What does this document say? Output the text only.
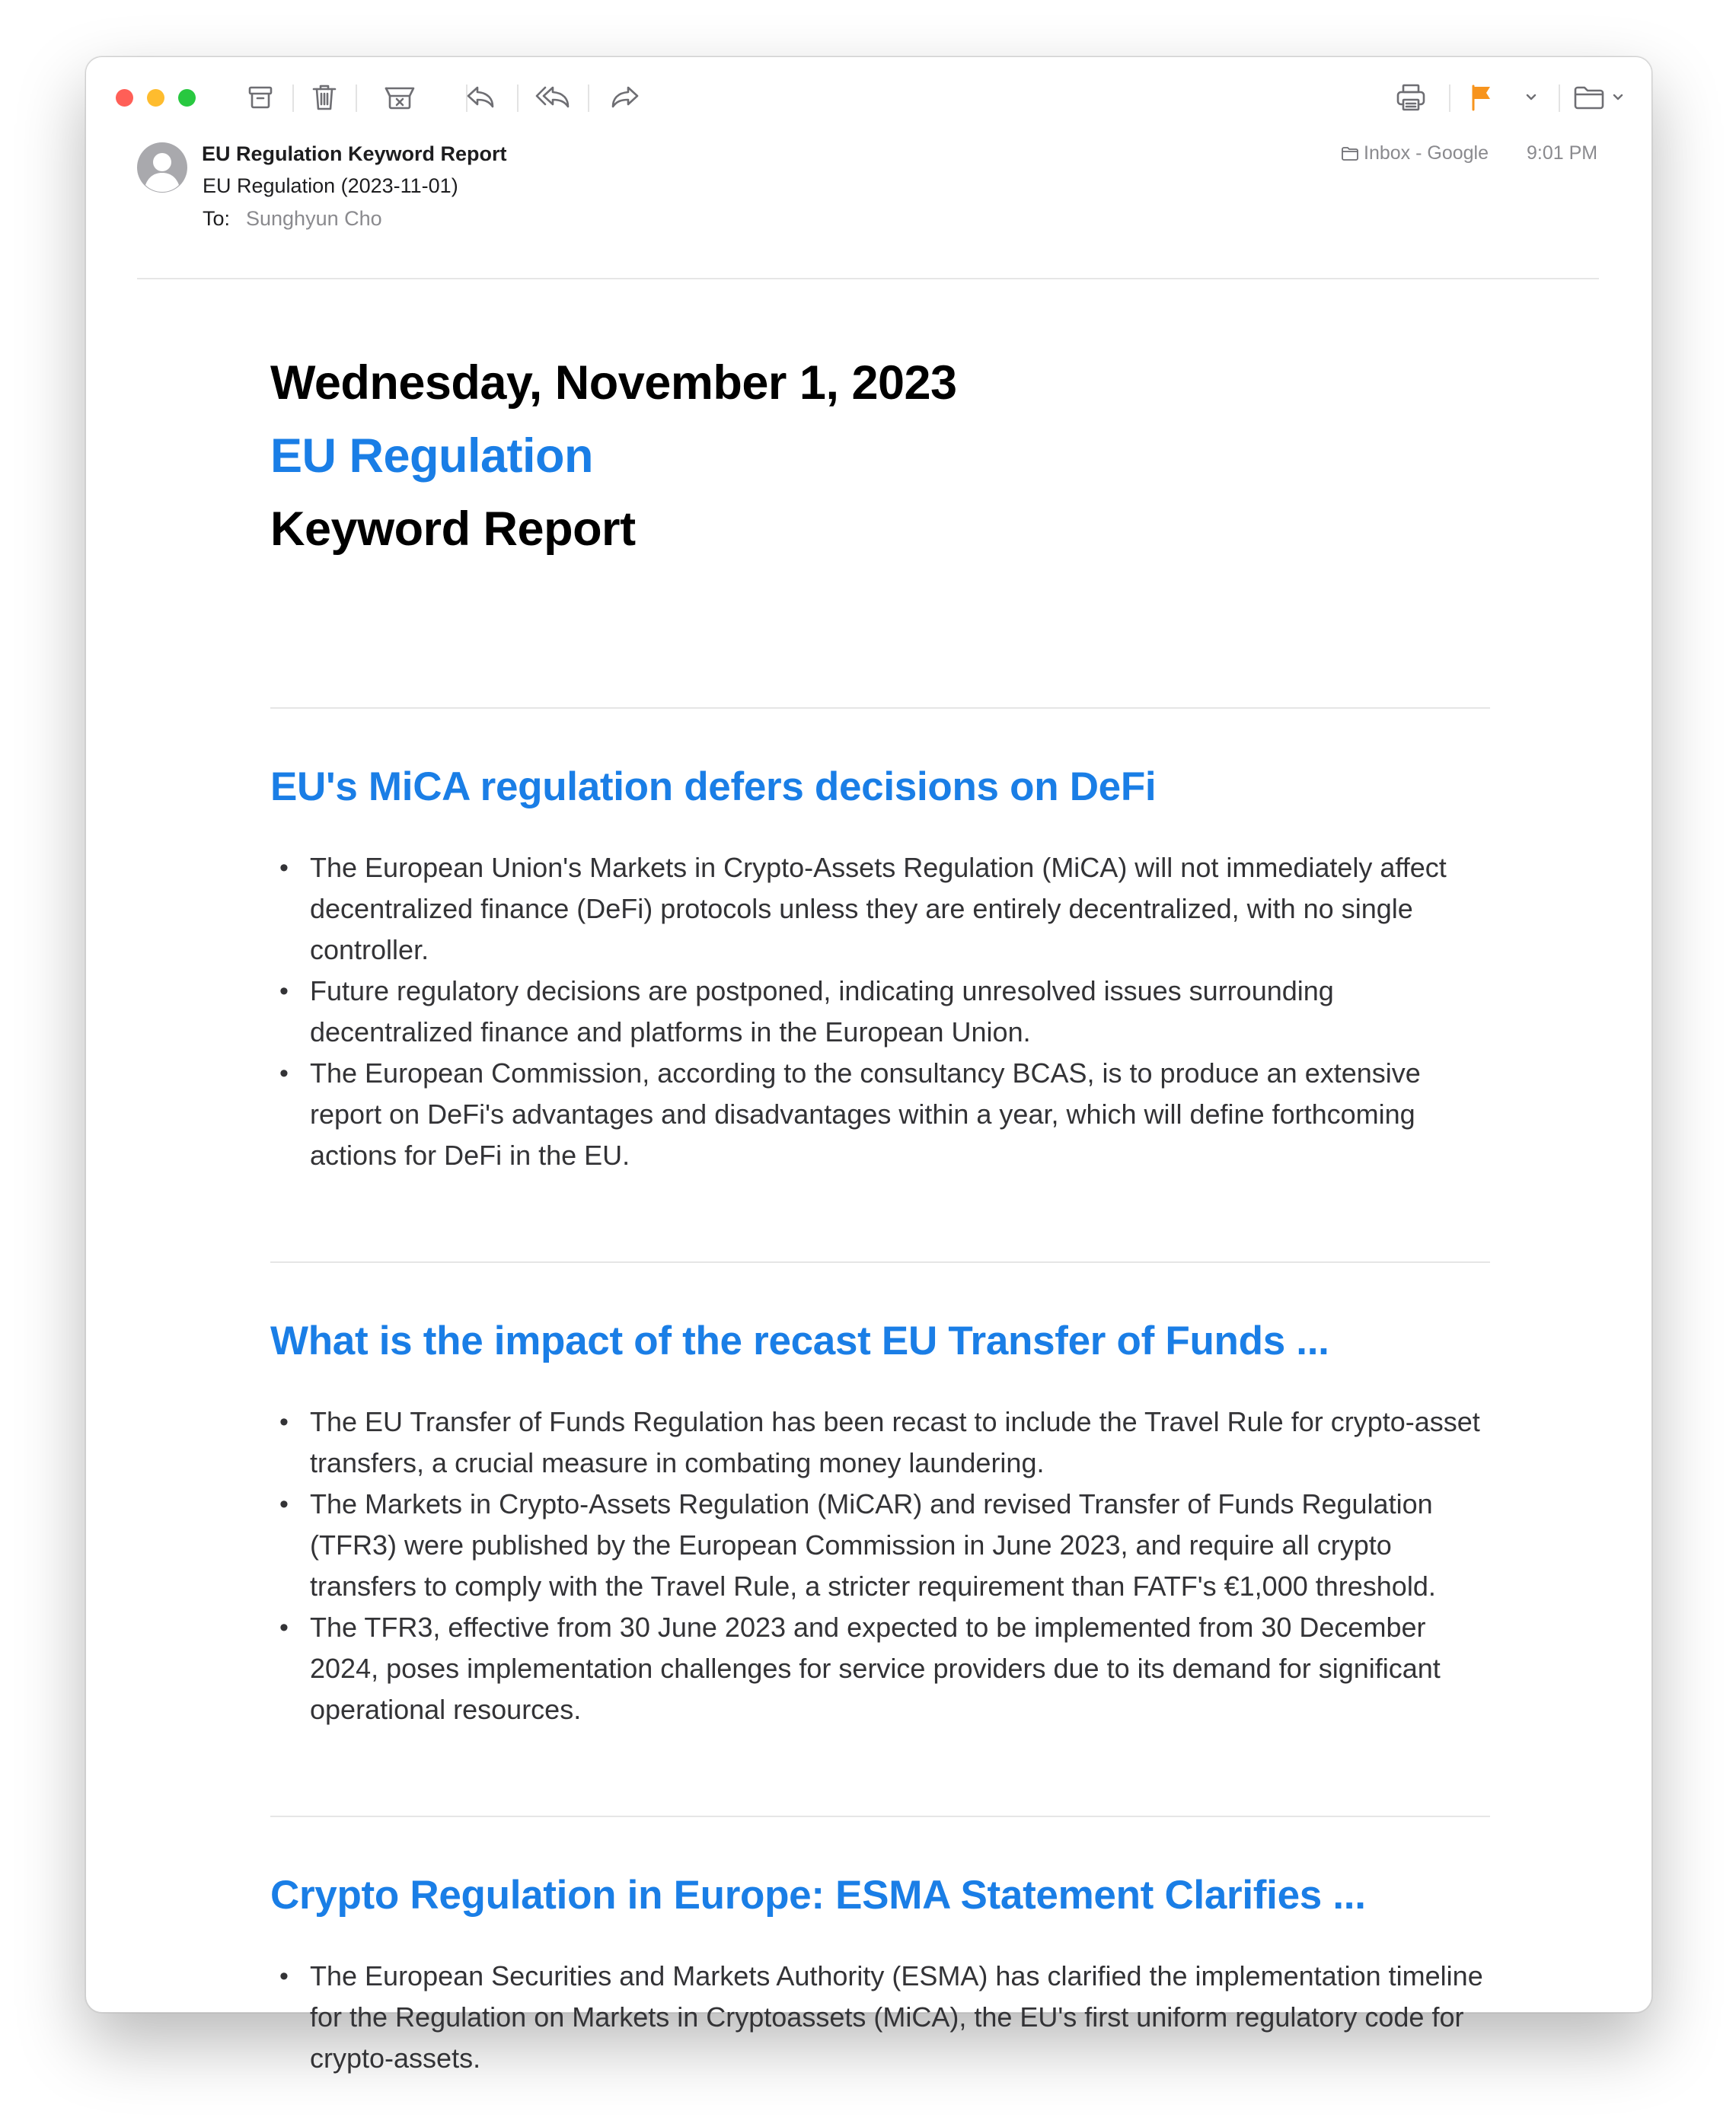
EU Regulation Keyword Report
EU Regulation (2023-11-01)
To: Sunghyun Cho
Inbox - Google 9:01 PM
Wednesday, November 1, 2023
EU Regulation
Keyword Report
EU's MiCA regulation defers decisions on DeFi
• The European Union's Markets in Crypto-Assets Regulation (MiCA) will not immediately affect decentralized finance (DeFi) protocols unless they are entirely decentralized, with no single controller.
• Future regulatory decisions are postponed, indicating unresolved issues surrounding decentralized finance and platforms in the European Union.
• The European Commission, according to the consultancy BCAS, is to produce an extensive report on DeFi's advantages and disadvantages within a year, which will define forthcoming actions for DeFi in the EU.
What is the impact of the recast EU Transfer of Funds ...
• The EU Transfer of Funds Regulation has been recast to include the Travel Rule for crypto-asset transfers, a crucial measure in combating money laundering.
• The Markets in Crypto-Assets Regulation (MiCAR) and revised Transfer of Funds Regulation (TFR3) were published by the European Commission in June 2023, and require all crypto transfers to comply with the Travel Rule, a stricter requirement than FATF's €1,000 threshold.
• The TFR3, effective from 30 June 2023 and expected to be implemented from 30 December 2024, poses implementation challenges for service providers due to its demand for significant operational resources.
Crypto Regulation in Europe: ESMA Statement Clarifies ...
• The European Securities and Markets Authority (ESMA) has clarified the implementation timeline for the Regulation on Markets in Cryptoassets (MiCA), the EU's first uniform regulatory code for crypto-assets.
